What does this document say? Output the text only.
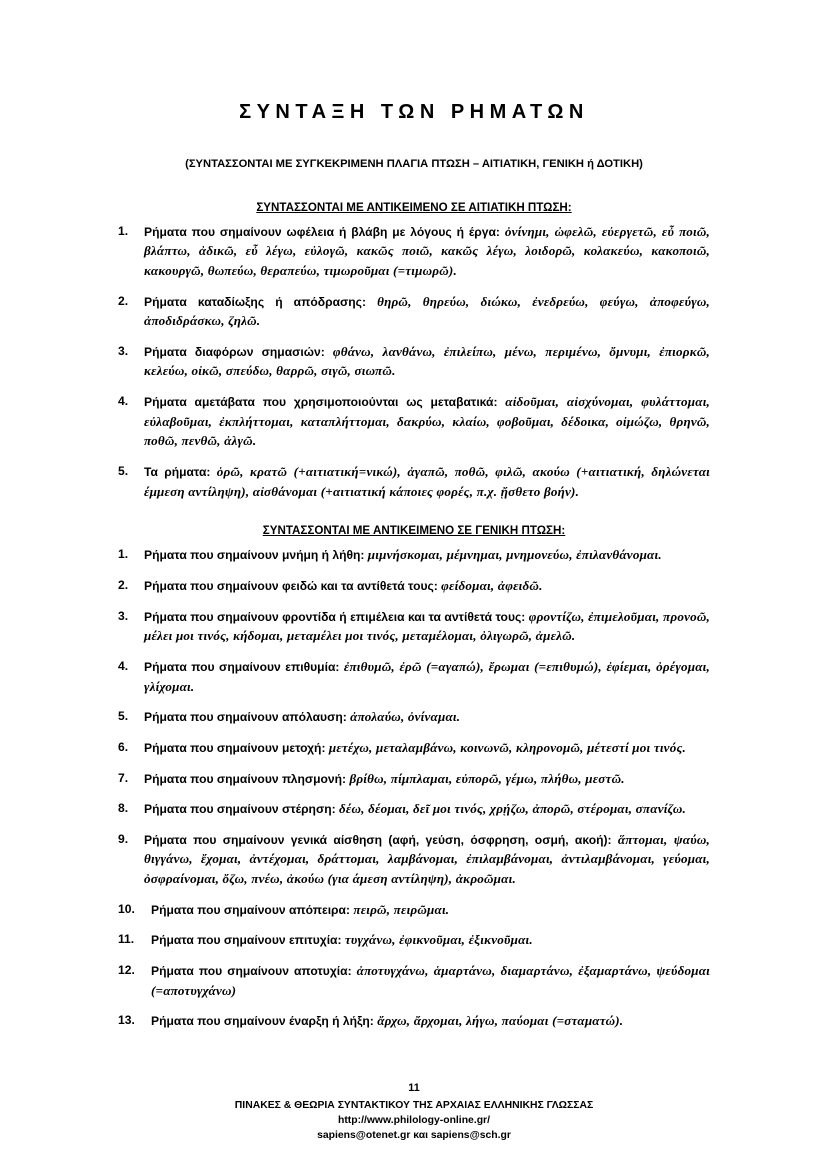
ΣΥΝΤΑΞΗ ΤΩΝ ΡΗΜΑΤΩΝ
(ΣΥΝΤΑΣΣΟΝΤΑΙ ΜΕ ΣΥΓΚΕΚΡΙΜΕΝΗ ΠΛΑΓΙΑ ΠΤΩΣΗ – ΑΙΤΙΑΤΙΚΗ, ΓΕΝΙΚΗ ή ΔΟΤΙΚΗ)
ΣΥΝΤΑΣΣΟΝΤΑΙ ΜΕ ΑΝΤΙΚΕΙΜΕΝΟ ΣΕ ΑΙΤΙΑΤΙΚΗ ΠΤΩΣΗ:
1.	Ρήματα που σημαίνουν ωφέλεια ή βλάβη με λόγους ή έργα: ὀνίνημι, ὠφελῶ, εὐεργετῶ, εὖ ποιῶ, βλάπτω, ἀδικῶ, εὖ λέγω, εὐλογῶ, κακῶς ποιῶ, κακῶς λέγω, λοιδορῶ, κολακεύω, κακοποιῶ, κακουργῶ, θωπεύω, θεραπεύω, τιμωροῦμαι (=τιμωρῶ).
2.	Ρήματα καταδίωξης ή απόδρασης: θηρῶ, θηρεύω, διώκω, ἐνεδρεύω, φεύγω, ἀποφεύγω, ἀποδιδράσκω, ζηλῶ.
3.	Ρήματα διαφόρων σημασιών: φθάνω, λανθάνω, ἐπιλείπω, μένω, περιμένω, ὄμνυμι, ἐπιορκῶ, κελεύω, οἰκῶ, σπεύδω, θαρρῶ, σιγῶ, σιωπῶ.
4.	Ρήματα αμετάβατα που χρησιμοποιούνται ως μεταβατικά: αἰδοῦμαι, αἰσχύνομαι, φυλάττομαι, εὐλαβοῦμαι, ἐκπλήττομαι, καταπλήττομαι, δακρύω, κλαίω, φοβοῦμαι, δέδοικα, οἰμώζω, θρηνῶ, ποθῶ, πενθῶ, ἀλγῶ.
5.	Τα ρήματα: ὁρῶ, κρατῶ (+αιτιατική=νικώ), ἀγαπῶ, ποθῶ, φιλῶ, ακούω (+αιτιατική, δηλώνεται έμμεση αντίληψη), αἰσθάνομαι (+αιτιατική κάποιες φορές, π.χ. ᾔσθετο βοήν).
ΣΥΝΤΑΣΣΟΝΤΑΙ ΜΕ ΑΝΤΙΚΕΙΜΕΝΟ ΣΕ ΓΕΝΙΚΗ ΠΤΩΣΗ:
1.	Ρήματα που σημαίνουν μνήμη ή λήθη: μιμνήσκομαι, μέμνημαι, μνημονεύω, ἐπιλανθάνομαι.
2.	Ρήματα που σημαίνουν φειδώ και τα αντίθετά τους: φείδομαι, ἀφειδῶ.
3.	Ρήματα που σημαίνουν φροντίδα ή επιμέλεια και τα αντίθετά τους: φροντίζω, ἐπιμελοῦμαι, προνοῶ, μέλει μοι τινός, κήδομαι, μεταμέλει μοι τινός, μεταμέλομαι, ὀλιγωρῶ, ἀμελῶ.
4.	Ρήματα που σημαίνουν επιθυμία: ἐπιθυμῶ, ἐρῶ (=αγαπώ), ἔρωμαι (=επιθυμώ), ἐφίεμαι, ὀρέγομαι, γλίχομαι.
5.	Ρήματα που σημαίνουν απόλαυση: ἀπολαύω, ὀνίναμαι.
6.	Ρήματα που σημαίνουν μετοχή: μετέχω, μεταλαμβάνω, κοινωνῶ, κληρονομῶ, μέτεστί μοι τινός.
7.	Ρήματα που σημαίνουν πλησμονή: βρίθω, πίμπλαμαι, εὐπορῶ, γέμω, πλήθω, μεστῶ.
8.	Ρήματα που σημαίνουν στέρηση: δέω, δέομαι, δεῖ μοι τινός, χρῄζω, ἀπορῶ, στέρομαι, σπανίζω.
9.	Ρήματα που σημαίνουν γενικά αίσθηση (αφή, γεύση, όσφρηση, οσμή, ακοή): ἅπτομαι, ψαύω, θιγγάνω, ἔχομαι, ἀντέχομαι, δράττομαι, λαμβάνομαι, ἐπιλαμβάνομαι, ἀντιλαμβάνομαι, γεύομαι, ὀσφραίνομαι, ὄζω, πνέω, ἀκούω (για άμεση αντίληψη), ἀκροῶμαι.
10.	Ρήματα που σημαίνουν απόπειρα: πειρῶ, πειρῶμαι.
11.	Ρήματα που σημαίνουν επιτυχία: τυγχάνω, ἐφικνοῦμαι, ἐξικνοῦμαι.
12.	Ρήματα που σημαίνουν αποτυχία: ἀποτυγχάνω, ἁμαρτάνω, διαμαρτάνω, ἐξαμαρτάνω, ψεύδομαι (=αποτυγχάνω)
13.	Ρήματα που σημαίνουν έναρξη ή λήξη: ἄρχω, ἄρχομαι, λήγω, παύομαι (=σταματώ).
11
ΠΙΝΑΚΕΣ & ΘΕΩΡΙΑ ΣΥΝΤΑΚΤΙΚΟΥ ΤΗΣ ΑΡΧΑΙΑΣ ΕΛΛΗΝΙΚΗΣ ΓΛΩΣΣΑΣ
http://www.philology-online.gr/
sapiens@otenet.gr και sapiens@sch.gr
